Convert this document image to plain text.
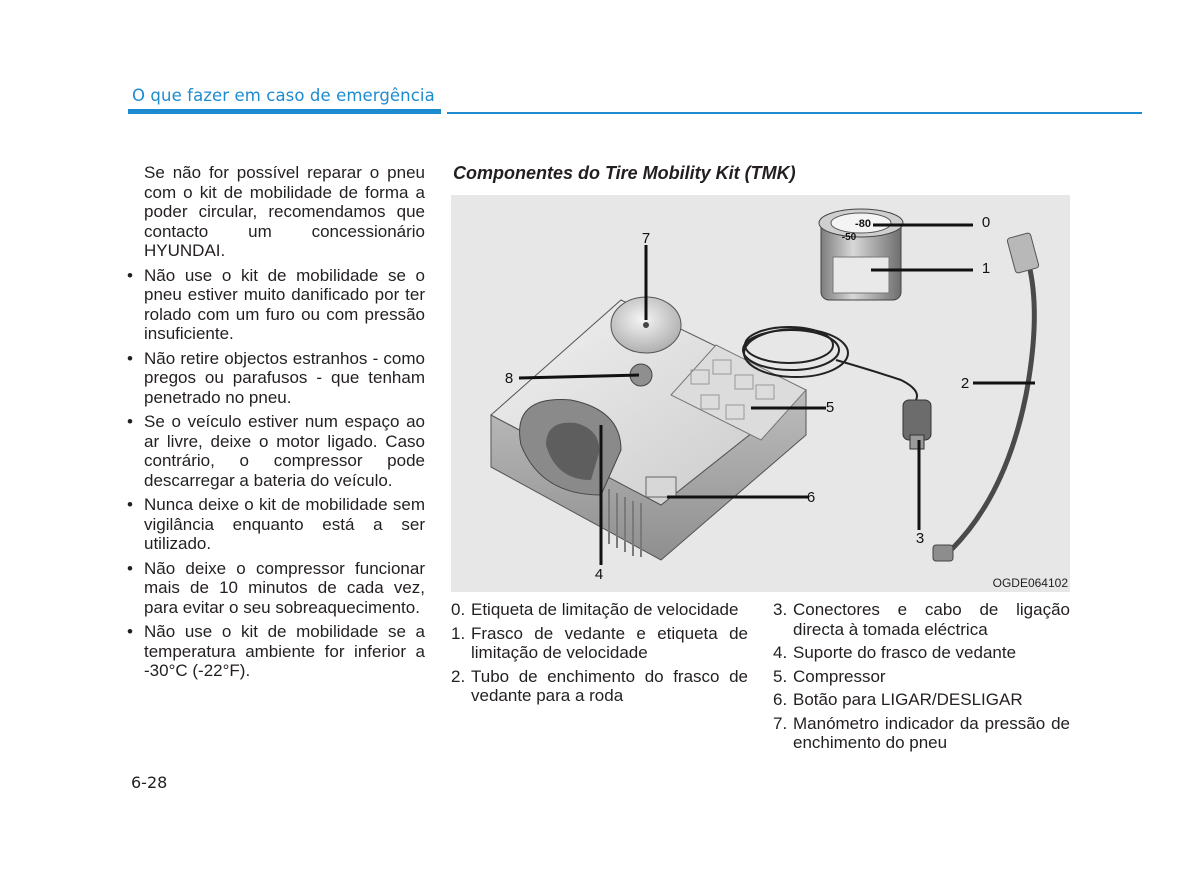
O que fazer em caso de emergência

Se não for possível reparar o pneu com o kit de mobilidade de forma a poder circular, recomendamos que contacto um concessionário HYUNDAI.

• Não use o kit de mobilidade se o pneu estiver muito danificado por ter rolado com um furo ou com pressão insuficiente.
• Não retire objectos estranhos - como pregos ou parafusos - que tenham penetrado no pneu.
• Se o veículo estiver num espaço ao ar livre, deixe o motor ligado. Caso contrário, o compressor pode descarregar a bateria do veículo.
• Nunca deixe o kit de mobilidade sem vigilância enquanto está a ser utilizado.
• Não deixe o compressor funcionar mais de 10 minutos de cada vez, para evitar o seu sobreaquecimento.
• Não use o kit de mobilidade se a temperatura ambiente for inferior a -30°C (-22°F).
Componentes do Tire Mobility Kit (TMK)
-80
-50
0
1
2
3
4
5
6
7
8
OGDE064102
0. Etiqueta de limitação de velocidade
1. Frasco de vedante e etiqueta de limitação de velocidade
2. Tubo de enchimento do frasco de vedante para a roda
3. Conectores e cabo de ligação directa à tomada eléctrica
4. Suporte do frasco de vedante
5. Compressor
6. Botão para LIGAR/DESLIGAR
7. Manómetro indicador da pressão de enchimento do pneu
6-28
